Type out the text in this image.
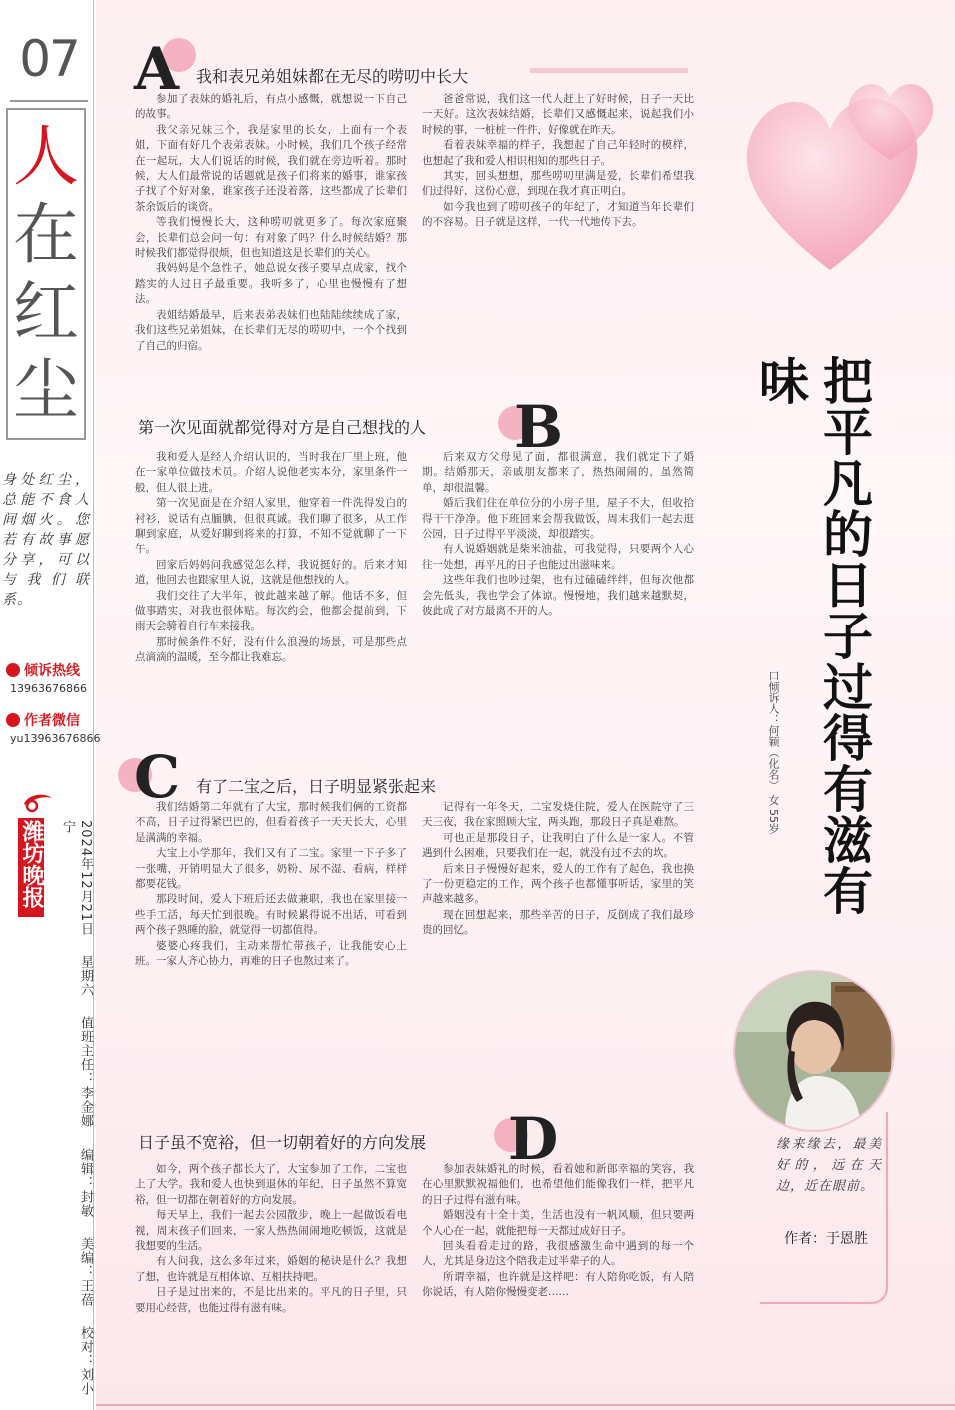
07
人
在
红
尘
身处红尘，总能不食人间烟火。您若有故事愿分享，可以与我们联系。
倾诉热线
13963676866
作者微信
yu13963676866
潍坊晚报	2024年12月21日 星期六 值班主任：李金娜 编辑：封敏 美编：王蓓 校对：刘小宁
A 我和表兄弟姐妹都在无尽的唠叨中长大

参加了表妹的婚礼后，有点小感慨，就想说一下自己的故事。

我父亲兄妹三个，我是家里的长女，上面有一个表姐，下面有好几个表弟表妹。小时候，我们几个孩子经常在一起玩，大人们说话的时候，我们就在旁边听着。那时候，大人们最常说的话题就是孩子们将来的婚事，谁家孩子找了个好对象，谁家孩子还没着落，这些都成了长辈们茶余饭后的谈资。

等我们慢慢长大，这种唠叨就更多了。每次家庭聚会，长辈们总会问一句：有对象了吗？什么时候结婚？那时候我们都觉得很烦，但也知道这是长辈们的关心。

我妈妈是个急性子，她总说女孩子要早点成家，找个踏实的人过日子最重要。我听多了，心里也慢慢有了想法。

表姐结婚最早，后来表弟表妹们也陆陆续续成了家，我们这些兄弟姐妹，在长辈们无尽的唠叨中，一个个找到了自己的归宿。

爸爸常说，我们这一代人赶上了好时候，日子一天比一天好。这次表妹结婚，长辈们又感慨起来，说起我们小时候的事，一桩桩一件件，好像就在昨天。

看着表妹幸福的样子，我想起了自己年轻时的模样，也想起了我和爱人相识相知的那些日子。

其实，回头想想，那些唠叨里满是爱，长辈们希望我们过得好，这份心意，到现在我才真正明白。

如今我也到了唠叨孩子的年纪了，才知道当年长辈们的不容易。日子就是这样，一代一代地传下去。

第一次见面就都觉得对方是自己想找的人 B

我和爱人是经人介绍认识的，当时我在厂里上班，他在一家单位做技术员。介绍人说他老实本分，家里条件一般，但人很上进。

第一次见面是在介绍人家里，他穿着一件洗得发白的衬衫，说话有点腼腆，但很真诚。我们聊了很多，从工作聊到家庭，从爱好聊到将来的打算，不知不觉就聊了一下午。

回家后妈妈问我感觉怎么样，我说挺好的。后来才知道，他回去也跟家里人说，这就是他想找的人。

我们交往了大半年，彼此越来越了解。他话不多，但做事踏实，对我也很体贴。每次约会，他都会提前到，下雨天会骑着自行车来接我。

那时候条件不好，没有什么浪漫的场景，可是那些点点滴滴的温暖，至今都让我难忘。

后来双方父母见了面，都很满意，我们就定下了婚期。结婚那天，亲戚朋友都来了，热热闹闹的，虽然简单，却很温馨。

婚后我们住在单位分的小房子里，屋子不大，但收拾得干干净净。他下班回来会帮我做饭，周末我们一起去逛公园，日子过得平平淡淡，却很踏实。

有人说婚姻就是柴米油盐，可我觉得，只要两个人心往一处想，再平凡的日子也能过出滋味来。

这些年我们也吵过架，也有过磕磕绊绊，但每次他都会先低头，我也学会了体谅。慢慢地，我们越来越默契，彼此成了对方最离不开的人。

C 有了二宝之后，日子明显紧张起来

我们结婚第二年就有了大宝，那时候我们俩的工资都不高，日子过得紧巴巴的，但看着孩子一天天长大，心里是满满的幸福。

大宝上小学那年，我们又有了二宝。家里一下子多了一张嘴，开销明显大了很多，奶粉、尿不湿、看病，样样都要花钱。

那段时间，爱人下班后还去做兼职，我也在家里接一些手工活，每天忙到很晚。有时候累得说不出话，可看到两个孩子熟睡的脸，就觉得一切都值得。

婆婆心疼我们，主动来帮忙带孩子，让我能安心上班。一家人齐心协力，再难的日子也熬过来了。

记得有一年冬天，二宝发烧住院，爱人在医院守了三天三夜，我在家照顾大宝，两头跑，那段日子真是难熬。

可也正是那段日子，让我明白了什么是一家人。不管遇到什么困难，只要我们在一起，就没有过不去的坎。

后来日子慢慢好起来，爱人的工作有了起色，我也换了一份更稳定的工作，两个孩子也都懂事听话，家里的笑声越来越多。

现在回想起来，那些辛苦的日子，反倒成了我们最珍贵的回忆。

日子虽不宽裕，但一切朝着好的方向发展 D

如今，两个孩子都长大了，大宝参加了工作，二宝也上了大学。我和爱人也快到退休的年纪，日子虽然不算宽裕，但一切都在朝着好的方向发展。

每天早上，我们一起去公园散步，晚上一起做饭看电视，周末孩子们回来，一家人热热闹闹地吃顿饭，这就是我想要的生活。

有人问我，这么多年过来，婚姻的秘诀是什么？我想了想，也许就是互相体谅、互相扶持吧。

日子是过出来的，不是比出来的。平凡的日子里，只要用心经营，也能过得有滋有味。

参加表妹婚礼的时候，看着她和新郎幸福的笑容，我在心里默默祝福他们，也希望他们能像我们一样，把平凡的日子过得有滋有味。

婚姻没有十全十美，生活也没有一帆风顺，但只要两个人心在一起，就能把每一天都过成好日子。

回头看看走过的路，我很感激生命中遇到的每一个人，尤其是身边这个陪我走过半辈子的人。

所谓幸福，也许就是这样吧：有人陪你吃饭，有人陪你说话，有人陪你慢慢变老……

把平凡的日子过得有滋有味
口倾诉人：何颖（化名） 女 55岁
缘来缘去，最美好的，远在天边，近在眼前。
作者：于恩胜
